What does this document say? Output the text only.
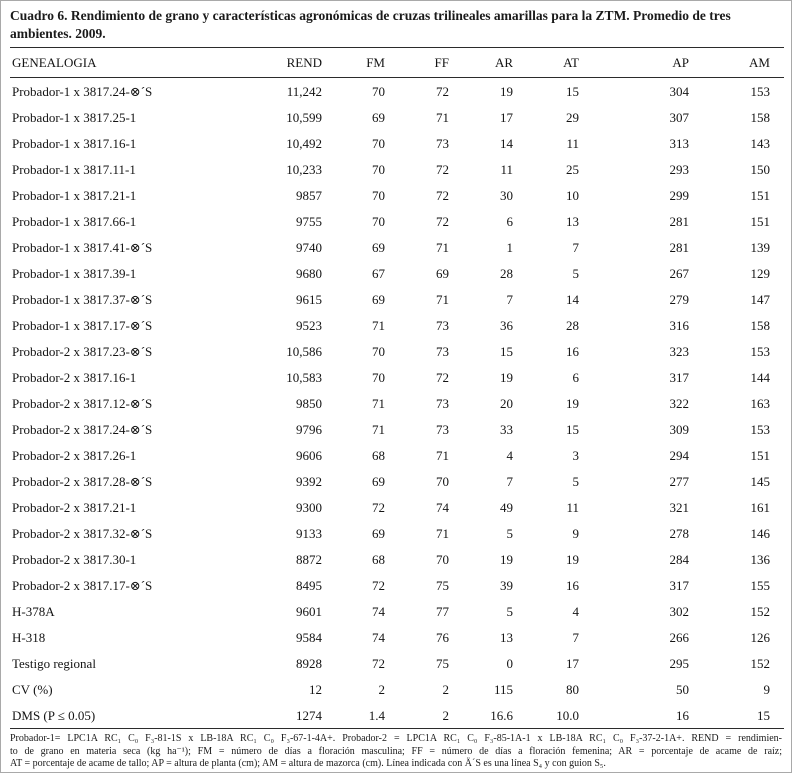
Cuadro 6. Rendimiento de grano y características agronómicas de cruzas trilineales amarillas para la ZTM. Promedio de tres ambientes. 2009.
GENEALOGIA	REND	FM	FF	AR	AT	AP	AM
Probador-1 x 3817.24-⊗´S	11,242	70	72	19	15	304	153
Probador-1 x 3817.25-1	10,599	69	71	17	29	307	158
Probador-1 x 3817.16-1	10,492	70	73	14	11	313	143
Probador-1 x 3817.11-1	10,233	70	72	11	25	293	150
Probador-1 x 3817.21-1	9857	70	72	30	10	299	151
Probador-1 x 3817.66-1	9755	70	72	6	13	281	151
Probador-1 x 3817.41-⊗´S	9740	69	71	1	7	281	139
Probador-1 x 3817.39-1	9680	67	69	28	5	267	129
Probador-1 x 3817.37-⊗´S	9615	69	71	7	14	279	147
Probador-1 x 3817.17-⊗´S	9523	71	73	36	28	316	158
Probador-2 x 3817.23-⊗´S	10,586	70	73	15	16	323	153
Probador-2 x 3817.16-1	10,583	70	72	19	6	317	144
Probador-2 x 3817.12-⊗´S	9850	71	73	20	19	322	163
Probador-2 x 3817.24-⊗´S	9796	71	73	33	15	309	153
Probador-2 x 3817.26-1	9606	68	71	4	3	294	151
Probador-2 x 3817.28-⊗´S	9392	69	70	7	5	277	145
Probador-2 x 3817.21-1	9300	72	74	49	11	321	161
Probador-2 x 3817.32-⊗´S	9133	69	71	5	9	278	146
Probador-2 x 3817.30-1	8872	68	70	19	19	284	136
Probador-2 x 3817.17-⊗´S	8495	72	75	39	16	317	155
H-378A	9601	74	77	5	4	302	152
H-318	9584	74	76	13	7	266	126
Testigo regional	8928	72	75	0	17	295	152
CV (%)	12	2	2	115	80	50	9
DMS (P ≤ 0.05)	1274	1.4	2	16.6	10.0	16	15
Probador-1= LPC1A RC₁ C₀ F₃-81-1S x LB-18A RC₁ C₀ F₃-67-1-4A+. Probador-2 = LPC1A RC₁ C₀ F₃-85-1A-1 x LB-18A RC₁ C₀ F₃-37-2-1A+. REND = rendimien-
to de grano en materia seca (kg ha⁻¹); FM = número de días a floración masculina; FF = número de días a floración femenina; AR = porcentaje de acame de raíz;
AT = porcentaje de acame de tallo; AP = altura de planta (cm); AM = altura de mazorca (cm). Línea indicada con Ä´S es una línea S₄ y con guion S₅.
